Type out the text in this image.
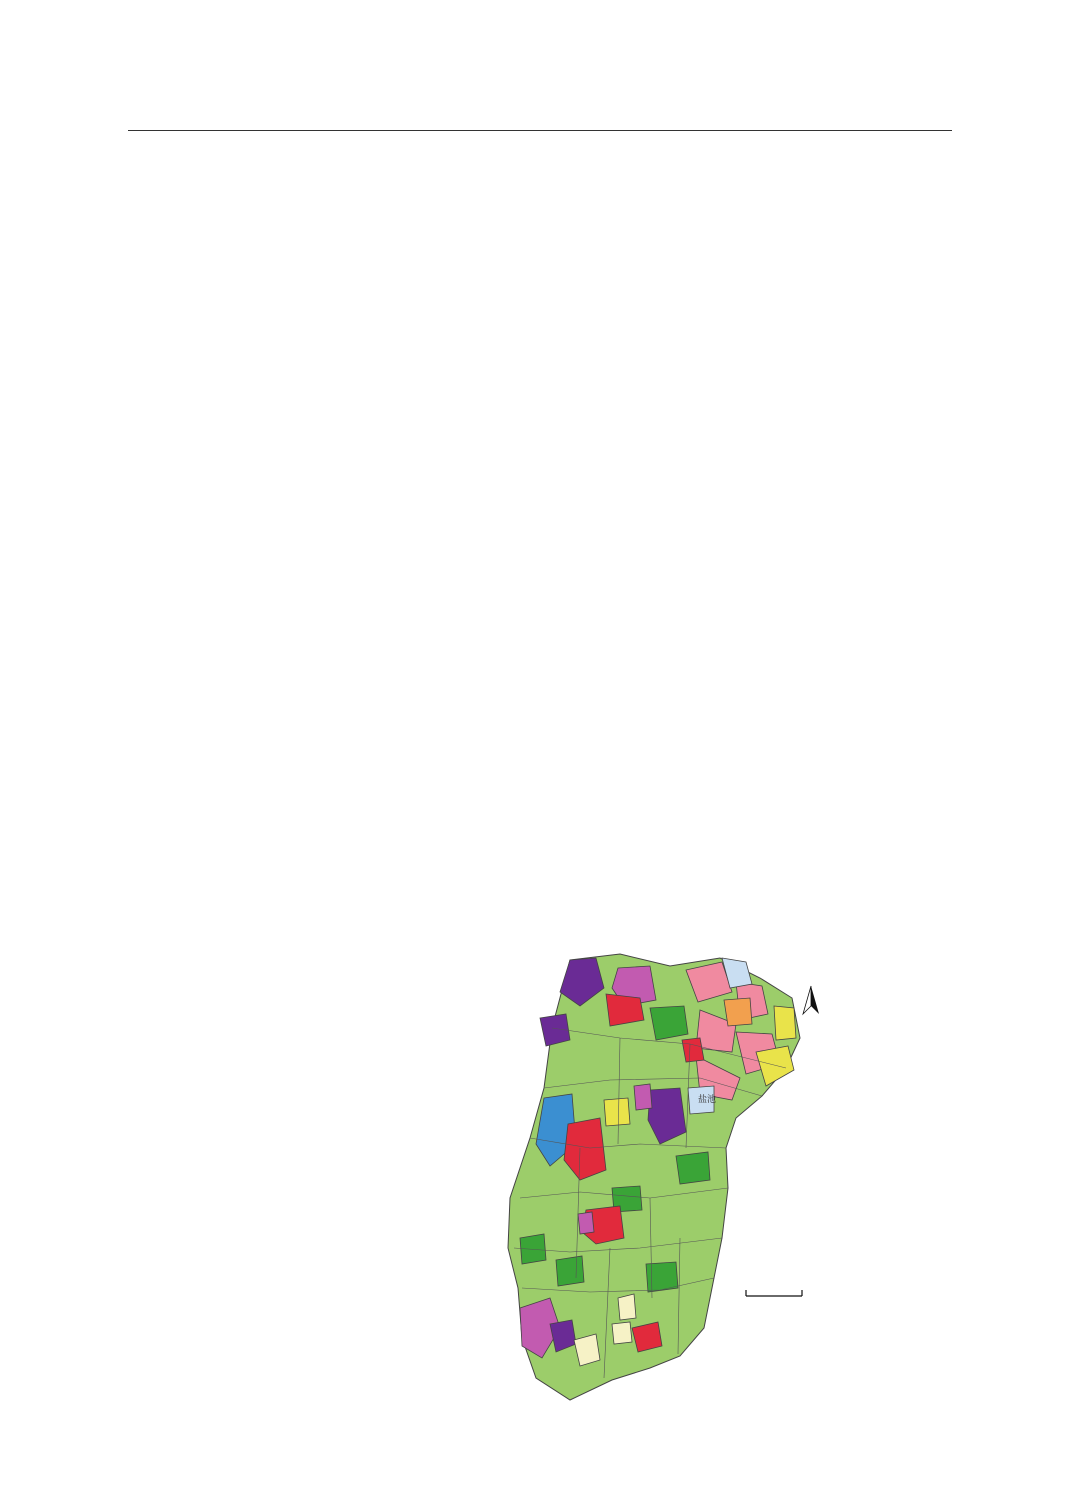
盐池
